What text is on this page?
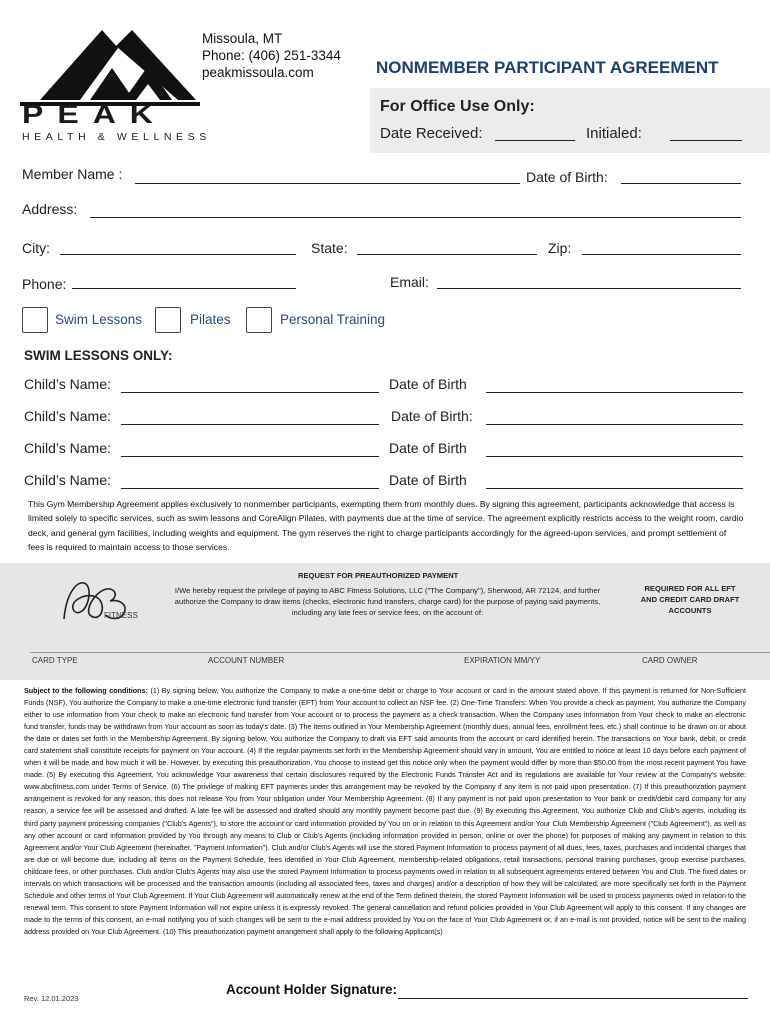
PEAK
HEALTH & WELLNESS
Missoula, MT
Phone: (406) 251-3344
peakmissoula.com	NONMEMBER PARTICIPANT AGREEMENT
For Office Use Only:
Date Received:	Initialed:
Member Name :	Date of Birth:
Address:
City:	State:	Zip:
Phone:	Email:
Swim Lessons	Pilates	Personal Training
SWIM LESSONS ONLY:
Child’s Name:	Date of Birth
Child’s Name:	Date of Birth:
Child’s Name:	Date of Birth
Child’s Name:	Date of Birth
This Gym Membership Agreement applies exclusively to nonmember participants, exempting them from monthly dues. By signing this agreement, participants acknowledge that access is limited solely to specific services, such as swim lessons and CoreAlign Pilates, with payments due at the time of service. The agreement explicitly restricts access to the weight room, cardio deck, and general gym facilities, including weights and equipment. The gym reserves the right to charge participants accordingly for the agreed-upon services, and prompt settlement of fees is required to maintain access to those services.
FITNESS
REQUEST FOR PREAUTHORIZED PAYMENT
I/We hereby request the privilege of paying to ABC Fitness Solutions, LLC ("The Company"), Sherwood, AR 72124, and further authorize the Company to draw items (checks, electronic fund transfers, charge card) for the purpose of paying said payments, including any late fees or service fees, on the account of:
REQUIRED FOR ALL EFT AND CREDIT CARD DRAFT ACCOUNTS
CARD TYPE	ACCOUNT NUMBER	EXPIRATION MM/YY	CARD OWNER
Subject to the following conditions: (1) By signing below, You authorize the Company to make a one-time debit or charge to Your account or card in the amount stated above. If this payment is returned for Non-Sufficient Funds (NSF), You authorize the Company to make a one-time electronic fund transfer (EFT) from Your account to collect an NSF fee. (2) One-Time Transfers: When You provide a check as payment, You authorize the Company either to use information from Your check to make an electronic fund transfer from Your account or to process the payment as a check transaction. When the Company uses information from Your check to make an electronic fund transfer, funds may be withdrawn from Your account as soon as today's date. (3) The items outlined in Your Membership Agreement (monthly dues, annual fees, enrollment fees, etc.) shall continue to be drawn on or about the date or dates set forth in the Membership Agreement. By signing below, You authorize the Company to draft via EFT said amounts from the account or card identified herein. The transactions on Your bank, debit, or credit card statement shall constitute receipts for payment on Your account. (4) If the regular payments set forth in the Membership Agreement should vary in amount, You are entitled to notice at least 10 days before each payment of when it will be made and how much it will be. However, by executing this preauthorization, You choose to instead get this notice only when the payment would differ by more than $50.00 from the most recent payment You have made. (5) By executing this Agreement, You acknowledge Your awareness that certain disclosures required by the Electronic Funds Transfer Act and its regulations are available for Your review at the Company's website: www.abcfitness.com under Terms of Service. (6) The privilege of making EFT payments under this arrangement may be revoked by the Company if any item is not paid upon presentation. (7) If this preauthorization payment arrangement is revoked for any reason, this does not release You from Your obligation under Your Membership Agreement. (8) If any payment is not paid upon presentation to Your bank or credit/debit card company for any reason, a service fee will be assessed and drafted. A late fee will be assessed and drafted should any monthly payment become past due. (9) By executing this Agreement, You authorize Club and Club's agents, including its third party payment processing companies ("Club's Agents"), to store the account or card information provided by You on or in relation to this Agreement and/or Your Club Membership Agreement ("Club Agreement"), as well as any other account or card information provided by You through any means to Club or Club's Agents (including information provided in person, online or over the phone) for purposes of making any payment in relation to this Agreement and/or Your Club Agreement (hereinafter, "Payment Information"). Club and/or Club's Agents will use the stored Payment Information to process payment of all dues, fees, taxes, purchases and incidental charges that are due or will become due, including all items on the Payment Schedule, fees identified in Your Club Agreement, membership-related obligations, retail transactions, personal training purchases, group exercise purchases, childcare fees, or other purchases. Club and/or Club's Agents may also use the stored Payment Information to process payments owed in relation to all subsequent agreements entered between You and Club. The fixed dates or intervals on which transactions will be processed and the transaction amounts (including all associated fees, taxes and charges) and/or a description of how they will be calculated, are more specifically set forth in the Payment Schedule and other terms of Your Club Agreement. If Your Club Agreement will automatically renew at the end of the Term defined therein, the stored Payment Information will be used to process payments owed in relation to the renewal term. This consent to store Payment Information will not expire unless it is expressly revoked. The general cancellation and refund policies provided in Your Club Agreement will apply to this consent. If any changes are made to the terms of this consent, an e-mail notifying you of such changes will be sent to the e-mail address provided by You on the face of Your Club Agreement or, if an e-mail is not provided, notice will be sent to the mailing address provided on Your Club Agreement. (10) This preauthorization payment arrangement shall apply to the following Applicant(s)
Rev. 12.01.2023
Account Holder Signature:
